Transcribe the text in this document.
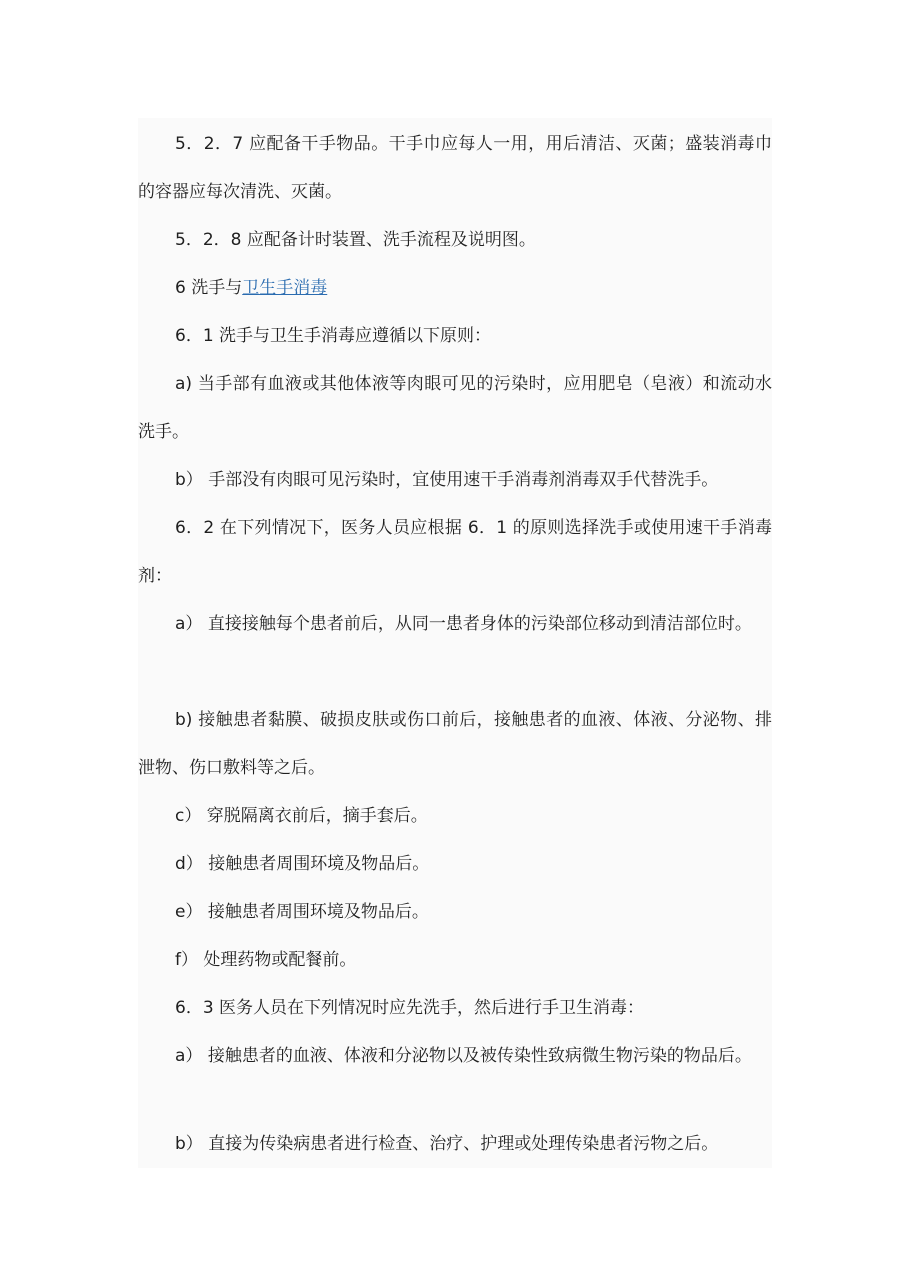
5．2．7 应配备干手物品。干手巾应每人一用，用后清洁、灭菌；盛装消毒巾的容器应每次清洗、灭菌。

5．2．8 应配备计时装置、洗手流程及说明图。

6 洗手与卫生手消毒

6．1 洗手与卫生手消毒应遵循以下原则：

a) 当手部有血液或其他体液等肉眼可见的污染时，应用肥皂（皂液）和流动水洗手。

b） 手部没有肉眼可见污染时，宜使用速干手消毒剂消毒双手代替洗手。

6．2 在下列情况下，医务人员应根据 6．1 的原则选择洗手或使用速干手消毒剂：

a） 直接接触每个患者前后，从同一患者身体的污染部位移动到清洁部位时。

b) 接触患者黏膜、破损皮肤或伤口前后，接触患者的血液、体液、分泌物、排泄物、伤口敷料等之后。

c） 穿脱隔离衣前后，摘手套后。

d） 接触患者周围环境及物品后。

e） 接触患者周围环境及物品后。

f） 处理药物或配餐前。

6．3 医务人员在下列情况时应先洗手，然后进行手卫生消毒：

a） 接触患者的血液、体液和分泌物以及被传染性致病微生物污染的物品后。

b） 直接为传染病患者进行检查、治疗、护理或处理传染患者污物之后。
